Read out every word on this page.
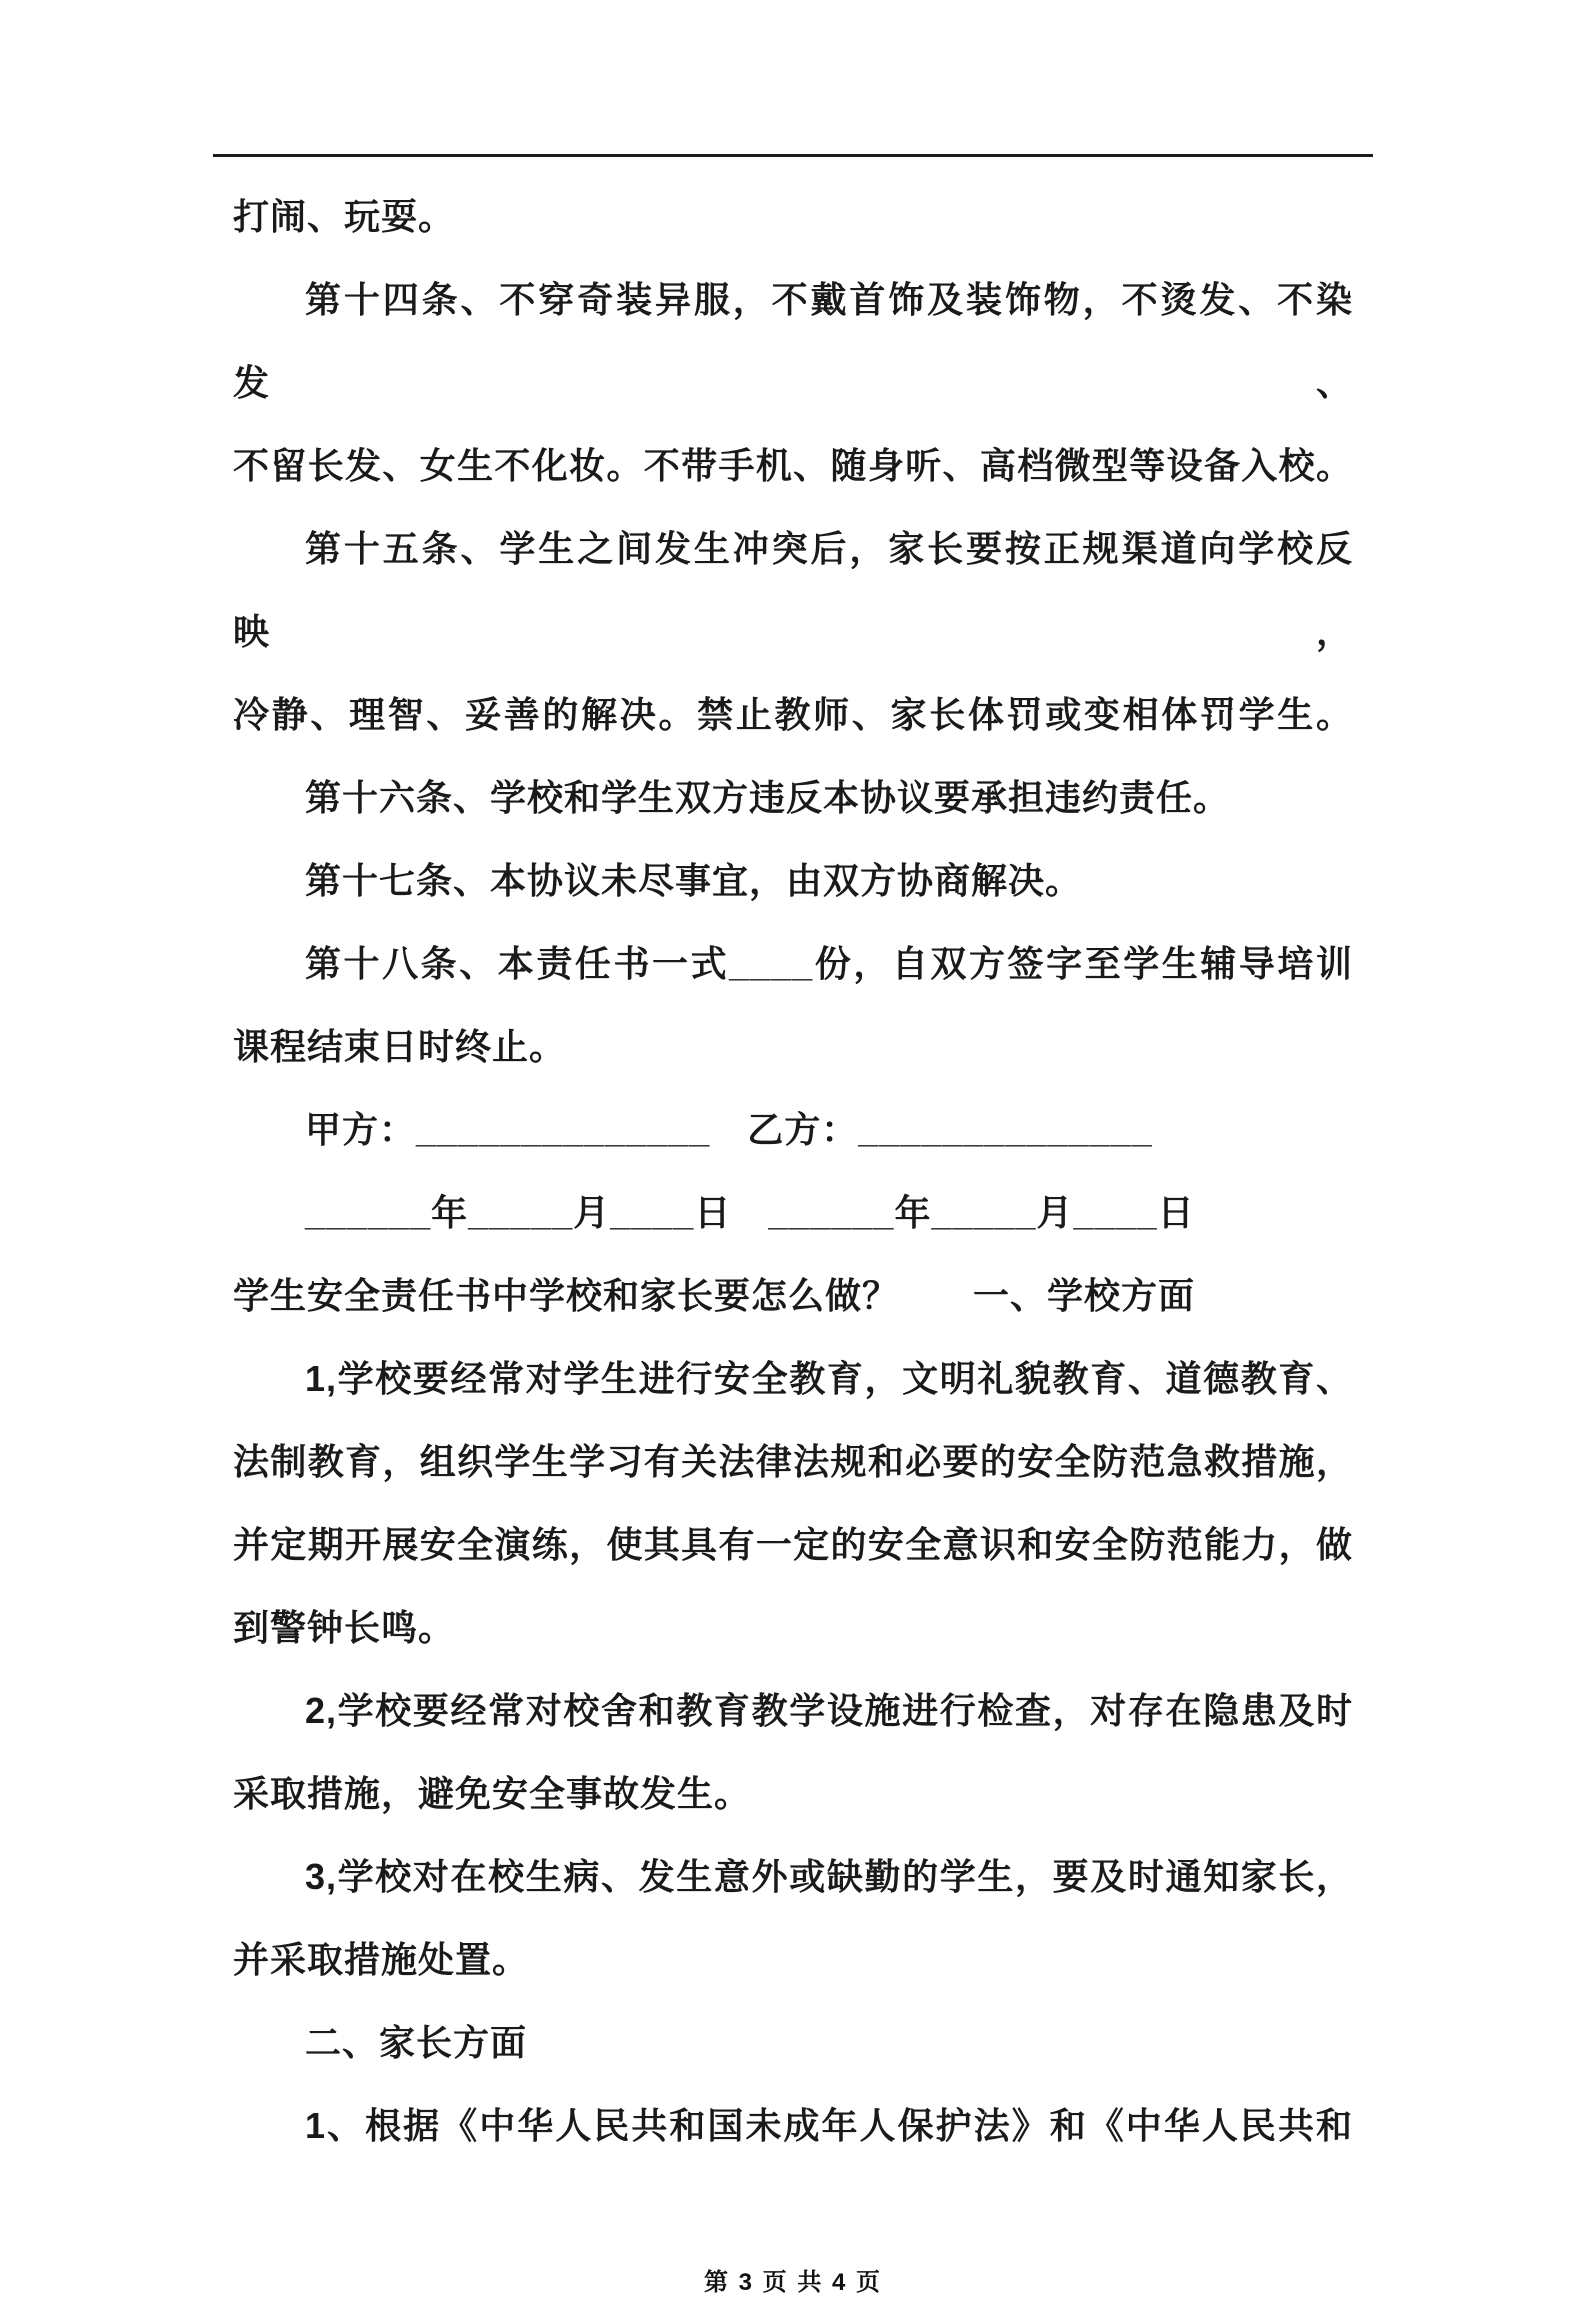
打闹、玩耍。
第十四条、不穿奇装异服，不戴首饰及装饰物，不烫发、不染发、
不留长发、女生不化妆。不带手机、随身听、高档微型等设备入校。
第十五条、学生之间发生冲突后，家长要按正规渠道向学校反映，
冷静、理智、妥善的解决。禁止教师、家长体罚或变相体罚学生。
第十六条、学校和学生双方违反本协议要承担违约责任。
第十七条、本协议未尽事宜，由双方协商解决。
第十八条、本责任书一式____份，自双方签字至学生辅导培训
课程结束日时终止。
甲方：______________　乙方：______________
______年_____月____日　______年_____月____日
学生安全责任书中学校和家长要怎么做？　　一、学校方面
1,学校要经常对学生进行安全教育，文明礼貌教育、道德教育、
法制教育，组织学生学习有关法律法规和必要的安全防范急救措施，
并定期开展安全演练，使其具有一定的安全意识和安全防范能力，做
到警钟长鸣。
2,学校要经常对校舍和教育教学设施进行检查，对存在隐患及时
采取措施，避免安全事故发生。
3,学校对在校生病、发生意外或缺勤的学生，要及时通知家长，
并采取措施处置。
二、家长方面
1、根据《中华人民共和国未成年人保护法》和《中华人民共和
第 3 页 共 4 页
